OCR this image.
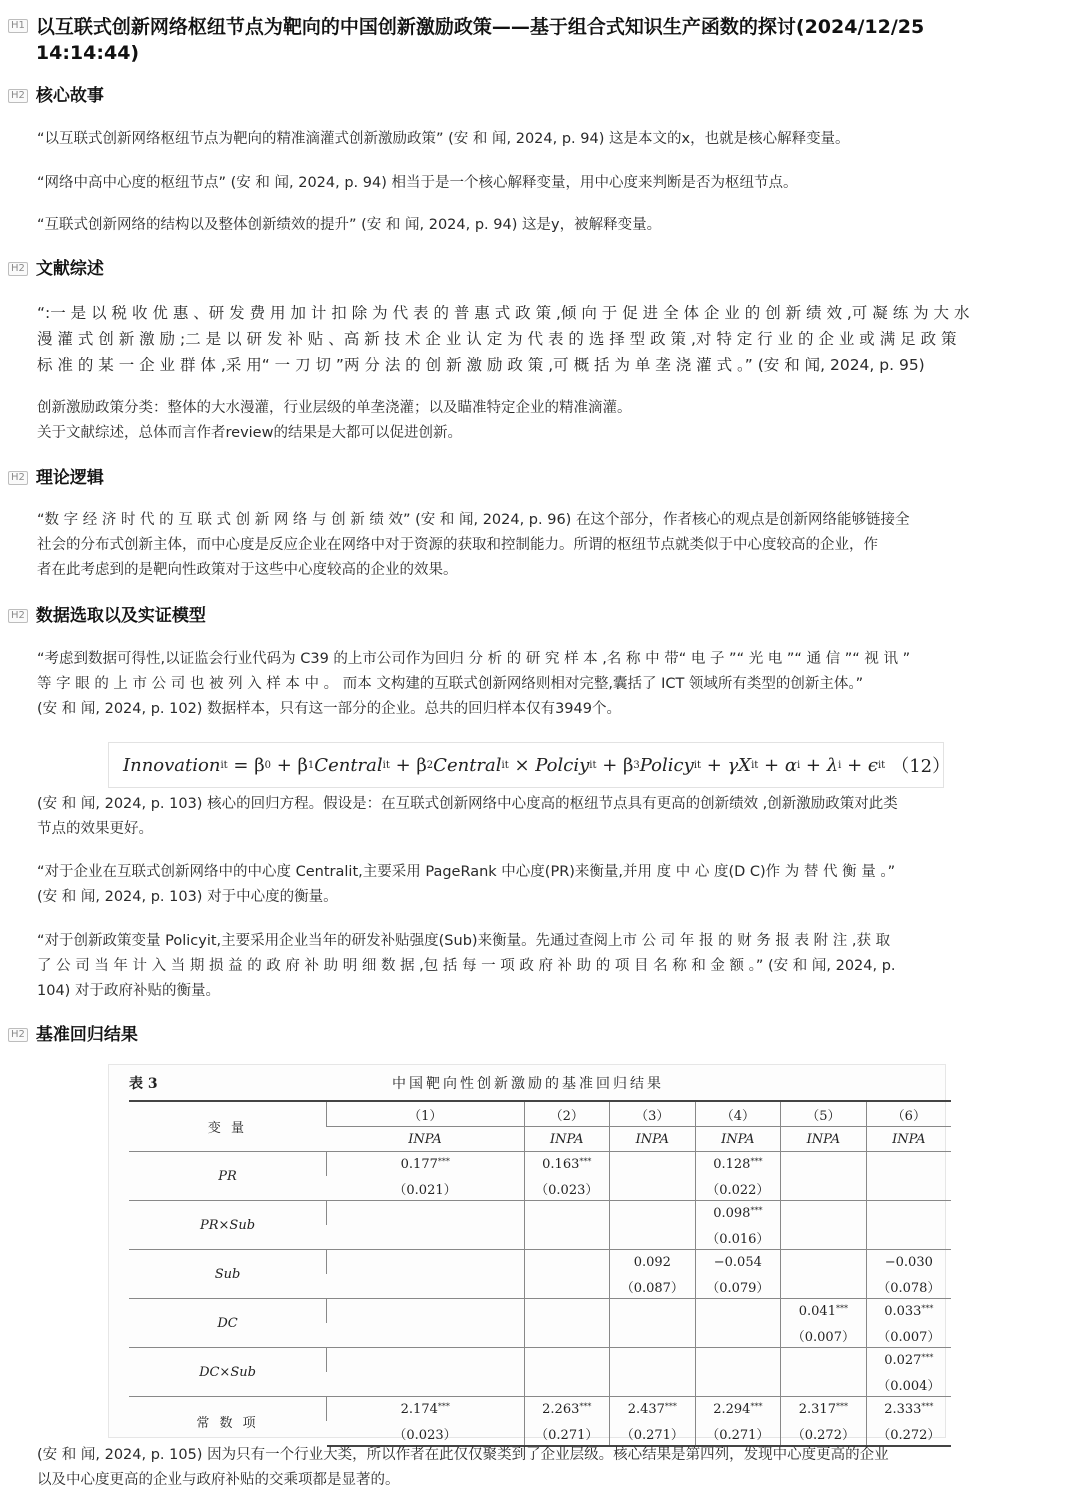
H1 以互联式创新网络枢纽节点为靶向的中国创新激励政策——基于组合式知识生产函数的探讨(2024/12/25
14:14:44)
H2 核心故事
“以互联式创新网络枢纽节点为靶向的精准滴灌式创新激励政策” (安 和 闻, 2024, p. 94) 这是本文的x，也就是核心解释变量。
“网络中高中心度的枢纽节点” (安 和 闻, 2024, p. 94) 相当于是一个核心解释变量，用中心度来判断是否为枢纽节点。
“互联式创新网络的结构以及整体创新绩效的提升” (安 和 闻, 2024, p. 94) 这是y，被解释变量。
H2 文献综述
“:一 是 以 税 收 优 惠 、研 发 费 用 加 计 扣 除 为 代 表 的 普 惠 式 政 策 ,倾 向 于 促 进 全 体 企 业 的 创 新 绩 效 ,可 凝 练 为 大 水
漫 灌 式 创 新 激 励 ;二 是 以 研 发 补 贴 、高 新 技 术 企 业 认 定 为 代 表 的 选 择 型 政 策 ,对 特 定 行 业 的 企 业 或 满 足 政 策
标 准 的 某 一 企 业 群 体 ,采 用“ 一 刀 切 ”两 分 法 的 创 新 激 励 政 策 ,可 概 括 为 单 垄 浇 灌 式 。” (安 和 闻, 2024, p. 95)
创新激励政策分类：整体的大水漫灌，行业层级的单垄浇灌；以及瞄准特定企业的精准滴灌。
关于文献综述，总体而言作者review的结果是大都可以促进创新。
H2 理论逻辑
“数 字 经 济 时 代 的 互 联 式 创 新 网 络 与 创 新 绩 效” (安 和 闻, 2024, p. 96) 在这个部分，作者核心的观点是创新网络能够链接全
社会的分布式创新主体，而中心度是反应企业在网络中对于资源的获取和控制能力。所谓的枢纽节点就类似于中心度较高的企业，作
者在此考虑到的是靶向性政策对于这些中心度较高的企业的效果。
H2 数据选取以及实证模型
“考虑到数据可得性,以证监会行业代码为 C39 的上市公司作为回归 分 析 的 研 究 样 本 ,名 称 中 带“ 电 子 ”“ 光 电 ”“ 通 信 ”“ 视 讯 ”
等 字 眼 的 上 市 公 司 也 被 列 入 样 本 中 。 而本 文构建的互联式创新网络则相对完整,囊括了 ICT 领域所有类型的创新主体。”
(安 和 闻, 2024, p. 102) 数据样本，只有这一部分的企业。总共的回归样本仅有3949个。
Innovation it = β 0 + β 1 Central it + β 2 Central it × Polciy it + β 3 Policy it + γX it + α i + λ i + ϵ it （12）
(安 和 闻, 2024, p. 103) 核心的回归方程。假设是：在互联式创新网络中心度高的枢纽节点具有更高的创新绩效 ,创新激励政策对此类
节点的效果更好。
“对于企业在互联式创新网络中的中心度 Centralit,主要采用 PageRank 中心度(PR)来衡量,并用 度 中 心 度(D C)作 为 替 代 衡 量 。”
(安 和 闻, 2024, p. 103) 对于中心度的衡量。
“对于创新政策变量 Policyit,主要采用企业当年的研发补贴强度(Sub)来衡量。先通过查阅上市 公 司 年 报 的 财 务 报 表 附 注 ,获 取
了 公 司 当 年 计 入 当 期 损 益 的 政 府 补 助 明 细 数 据 ,包 括 每 一 项 政 府 补 助 的 项 目 名 称 和 金 额 。” (安 和 闻, 2024, p.
104) 对于政府补贴的衡量。
H2 基准回归结果
表 3	中国靶向性创新激励的基准回归结果
变 量	（1）	（2）	（3）	（4）	（5）	（6）
	INPA	INPA	INPA	INPA	INPA	INPA
PR	0.177***	0.163***		0.128***		
	（0.021）	（0.023）		（0.022）		
PR×Sub				0.098***		
				（0.016）		
Sub			0.092	−0.054		−0.030
			（0.087）	（0.079）		（0.078）
DC					0.041***	0.033***
					（0.007）	（0.007）
DC×Sub						0.027***
						（0.004）
常 数 项	2.174***	2.263***	2.437***	2.294***	2.317***	2.333***
	（0.023）	（0.271）	（0.271）	（0.271）	（0.272）	（0.272）
(安 和 闻, 2024, p. 105) 因为只有一个行业大类，所以作者在此仅仅聚类到了企业层级。核心结果是第四列，发现中心度更高的企业
以及中心度更高的企业与政府补贴的交乘项都是显著的。
